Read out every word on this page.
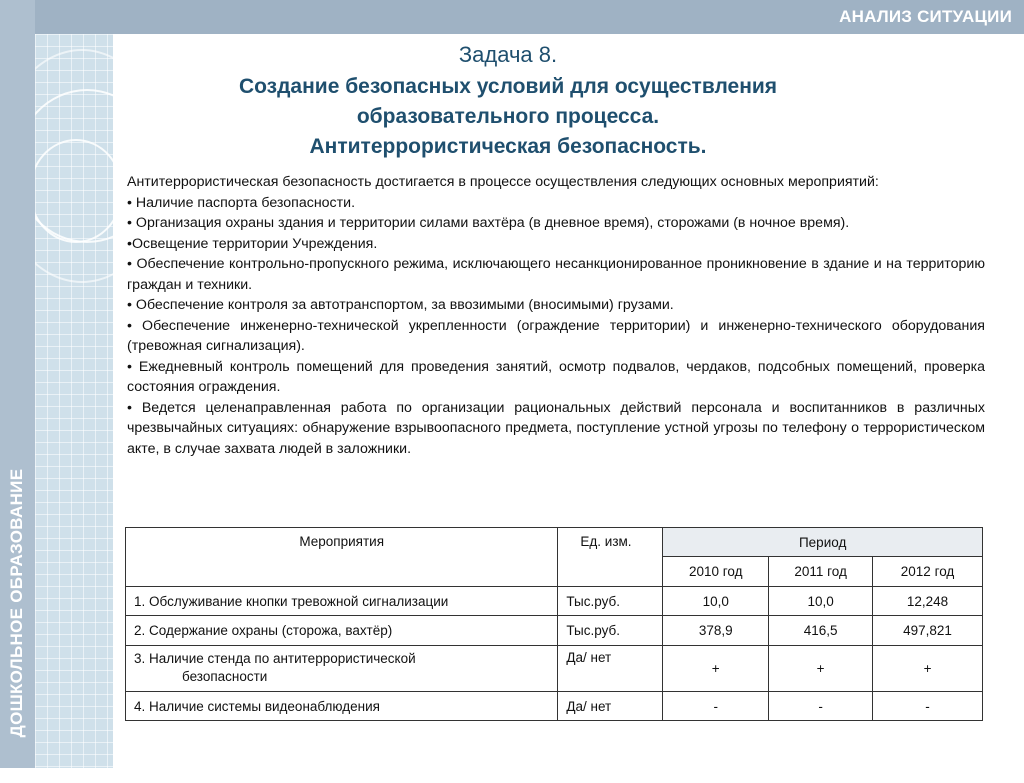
АНАЛИЗ СИТУАЦИИ
ДОШКОЛЬНОЕ ОБРАЗОВАНИЕ
Задача 8.
Создание безопасных условий для осуществления
образовательного процесса.
Антитеррористическая безопасность.

Антитеррористическая безопасность достигается в процессе осуществления следующих основных мероприятий:

• Наличие паспорта безопасности.

• Организация охраны здания и территории силами вахтёра (в дневное время), сторожами (в ночное время).

•Освещение территории Учреждения.

• Обеспечение контрольно-пропускного режима, исключающего несанкционированное проникновение в здание и на территорию граждан и техники.

• Обеспечение контроля за автотранспортом, за ввозимыми (вносимыми) грузами.

• Обеспечение инженерно-технической укрепленности (ограждение территории) и инженерно-технического оборудования (тревожная сигнализация).

• Ежедневный контроль помещений для проведения занятий, осмотр подвалов, чердаков, подсобных помещений, проверка состояния ограждения.

• Ведется целенаправленная работа по организации рациональных действий персонала и воспитанников в различных чрезвычайных ситуациях: обнаружение взрывоопасного предмета, поступление устной угрозы по телефону о террористическом акте, в случае захвата людей в заложники.

Мероприятия	Ед. изм.	Период		
		2010 год	2011 год	2012 год
1. Обслуживание кнопки тревожной сигнализации	Тыс.руб.	10,0	10,0	12,248
2. Содержание охраны (сторожа, вахтёр)	Тыс.руб.	378,9	416,5	497,821
3. Наличие стенда по антитеррористической
безопасности	Да/ нет	+	+	+
4. Наличие системы видеонаблюдения	Да/ нет	-	-	-
